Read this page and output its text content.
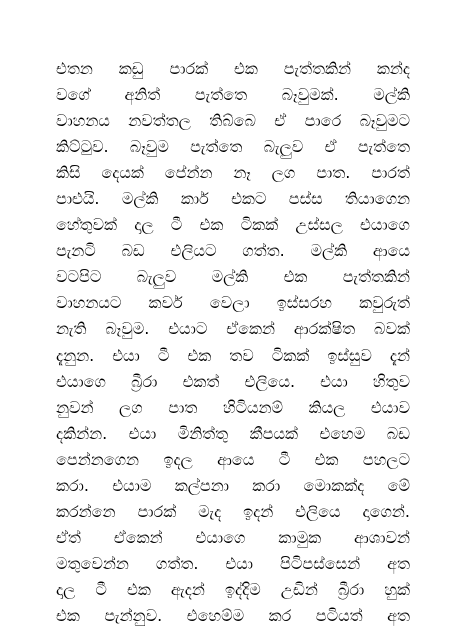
එතන කඩු පාරක් එක පැත්තකින් කන්ද
වගේ අනිත් පැත්තෙ බෑවුමක්. මල්කි
වාහනය නවත්තල තිබ්බෙ ඒ පාරෙ බෑවුමට
කිට්ටුව. බෑවුම පැත්තෙ බැලුව ඒ පැත්තෙ
කිසි දෙයක් පේන්න නෑ ලග පාත. පාරත්
පාළුයි. මල්කි කාර් එකට පස්ස තියාගෙන
හේතුවක් දාල ටී එක ටිකක් උස්සල එයාගෙ
පැනටි බඩ එලියට ගත්ත. මල්කි ආයෙ
වටපිට බැලුව මල්කි එක පැත්තකින්
වාහනයට කවර් වෙලා ඉස්සරහ කවුරුත්
නැති බෑවුම. එයාට ඒකෙන් ආරක්ෂිත බවක්
දැනුන. එයා ටී එක තව ටිකක් ඉස්සුව දැන්
එයාගෙ බ්‍රීරා එකත් එලියෙ. එයා හිතුව
නුවන් ලග පාත හිටියනම් කියල එයාව
දකින්න. එයා මිනිත්තු කීපයක් එහෙම බඩ
පෙන්නගෙන ඉදල ආයෙ ටී එක පහලට
කරා. එයාම කල්පනා කරා මොකක්ද මේ
කරන්නෙ පාරක් මැද ඉදන් එලියෙ දාගෙන්.
ඒත් ඒකෙන් එයාගෙ කාමුක ආශාවන්
මතුවෙන්න ගත්ත. එයා පිටිපස්සෙන් අත
දාල ටී එක ඇදන් ඉද්දිම උඩින් බ්‍රීරා හුක්
එක පැන්නුව. එහෙම්ම කර පටියත් අත
